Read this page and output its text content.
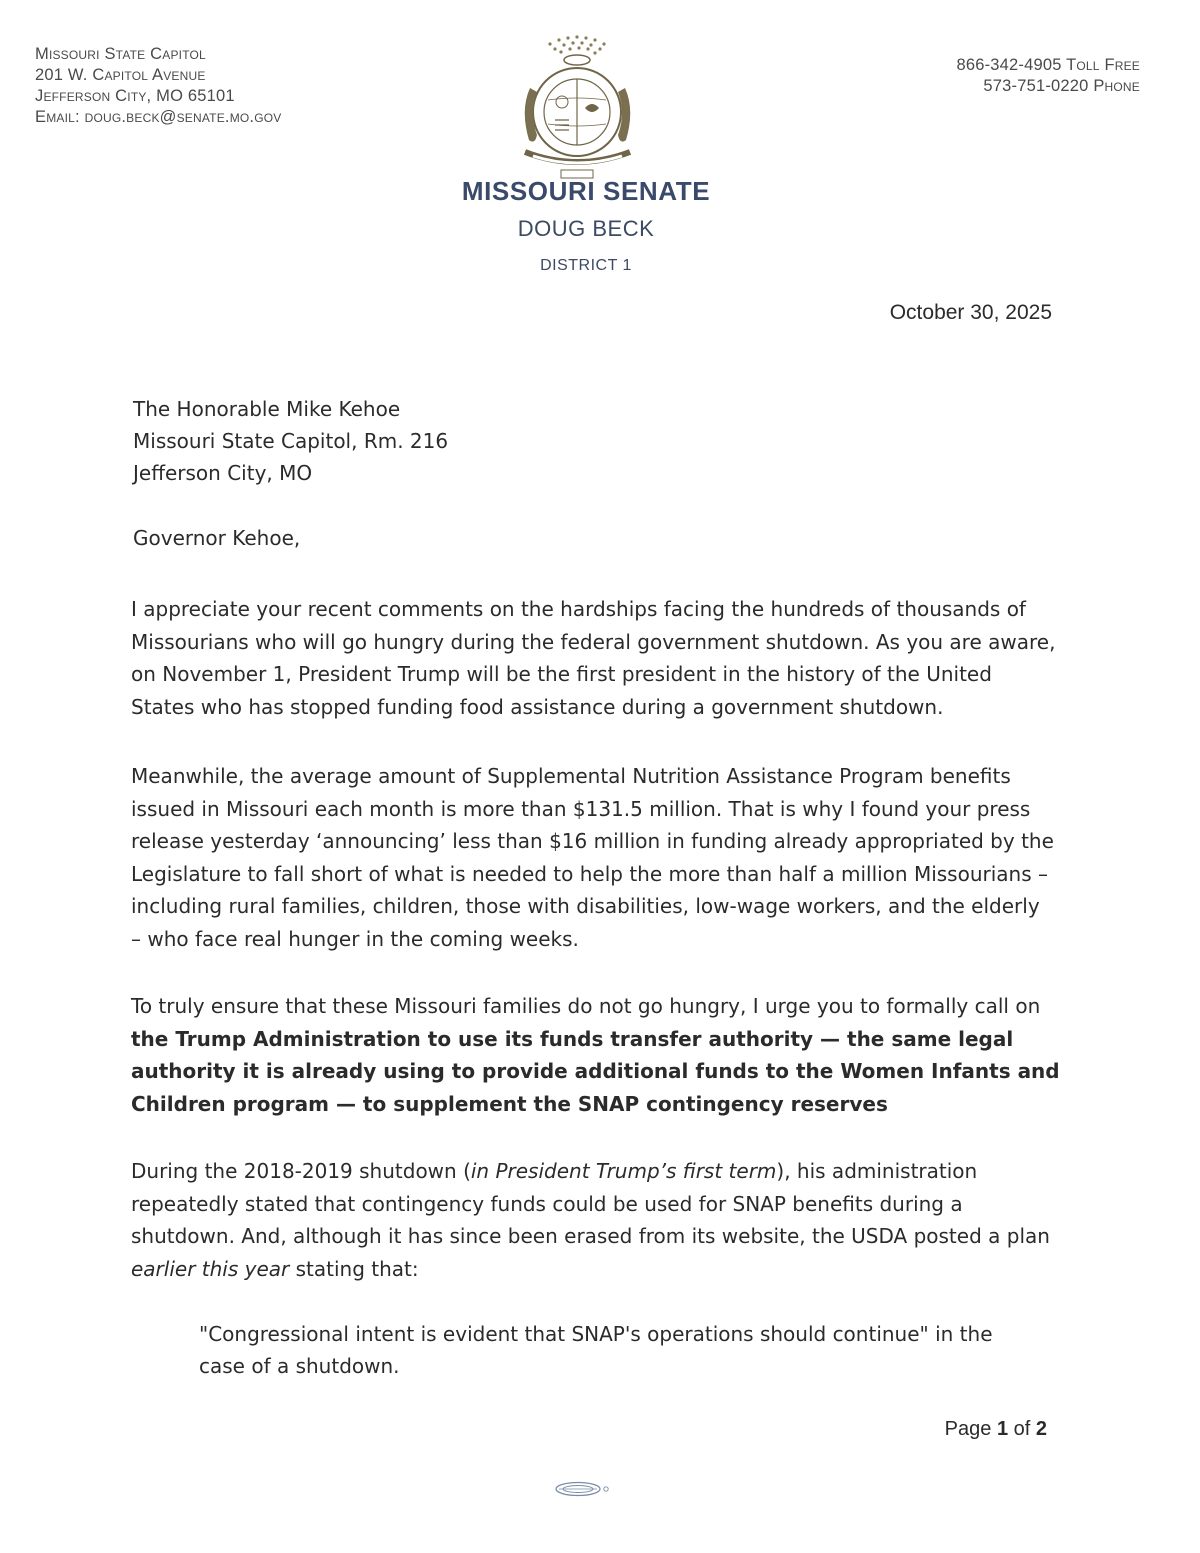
Missouri State Capitol
201 W. Capitol Avenue
Jefferson City, MO 65101
Email: doug.beck@senate.mo.gov
866-342-4905 Toll Free
573-751-0220 Phone
MISSOURI SENATE
DOUG BECK
DISTRICT 1
October 30, 2025
The Honorable Mike Kehoe
Missouri State Capitol, Rm. 216
Jefferson City, MO
Governor Kehoe,
I appreciate your recent comments on the hardships facing the hundreds of thousands of
Missourians who will go hungry during the federal government shutdown. As you are aware,
on November 1, President Trump will be the first president in the history of the United
States who has stopped funding food assistance during a government shutdown.
Meanwhile, the average amount of Supplemental Nutrition Assistance Program benefits
issued in Missouri each month is more than $131.5 million. That is why I found your press
release yesterday ‘announcing’ less than $16 million in funding already appropriated by the
Legislature to fall short of what is needed to help the more than half a million Missourians –
including rural families, children, those with disabilities, low-wage workers, and the elderly
– who face real hunger in the coming weeks.
To truly ensure that these Missouri families do not go hungry, I urge you to formally call on
the Trump Administration to use its funds transfer authority — the same legal
authority it is already using to provide additional funds to the Women Infants and
Children program — to supplement the SNAP contingency reserves
During the 2018-2019 shutdown (in President Trump’s first term), his administration
repeatedly stated that contingency funds could be used for SNAP benefits during a
shutdown. And, although it has since been erased from its website, the USDA posted a plan
earlier this year stating that:
"Congressional intent is evident that SNAP's operations should continue" in the
case of a shutdown.
Page 1 of 2
